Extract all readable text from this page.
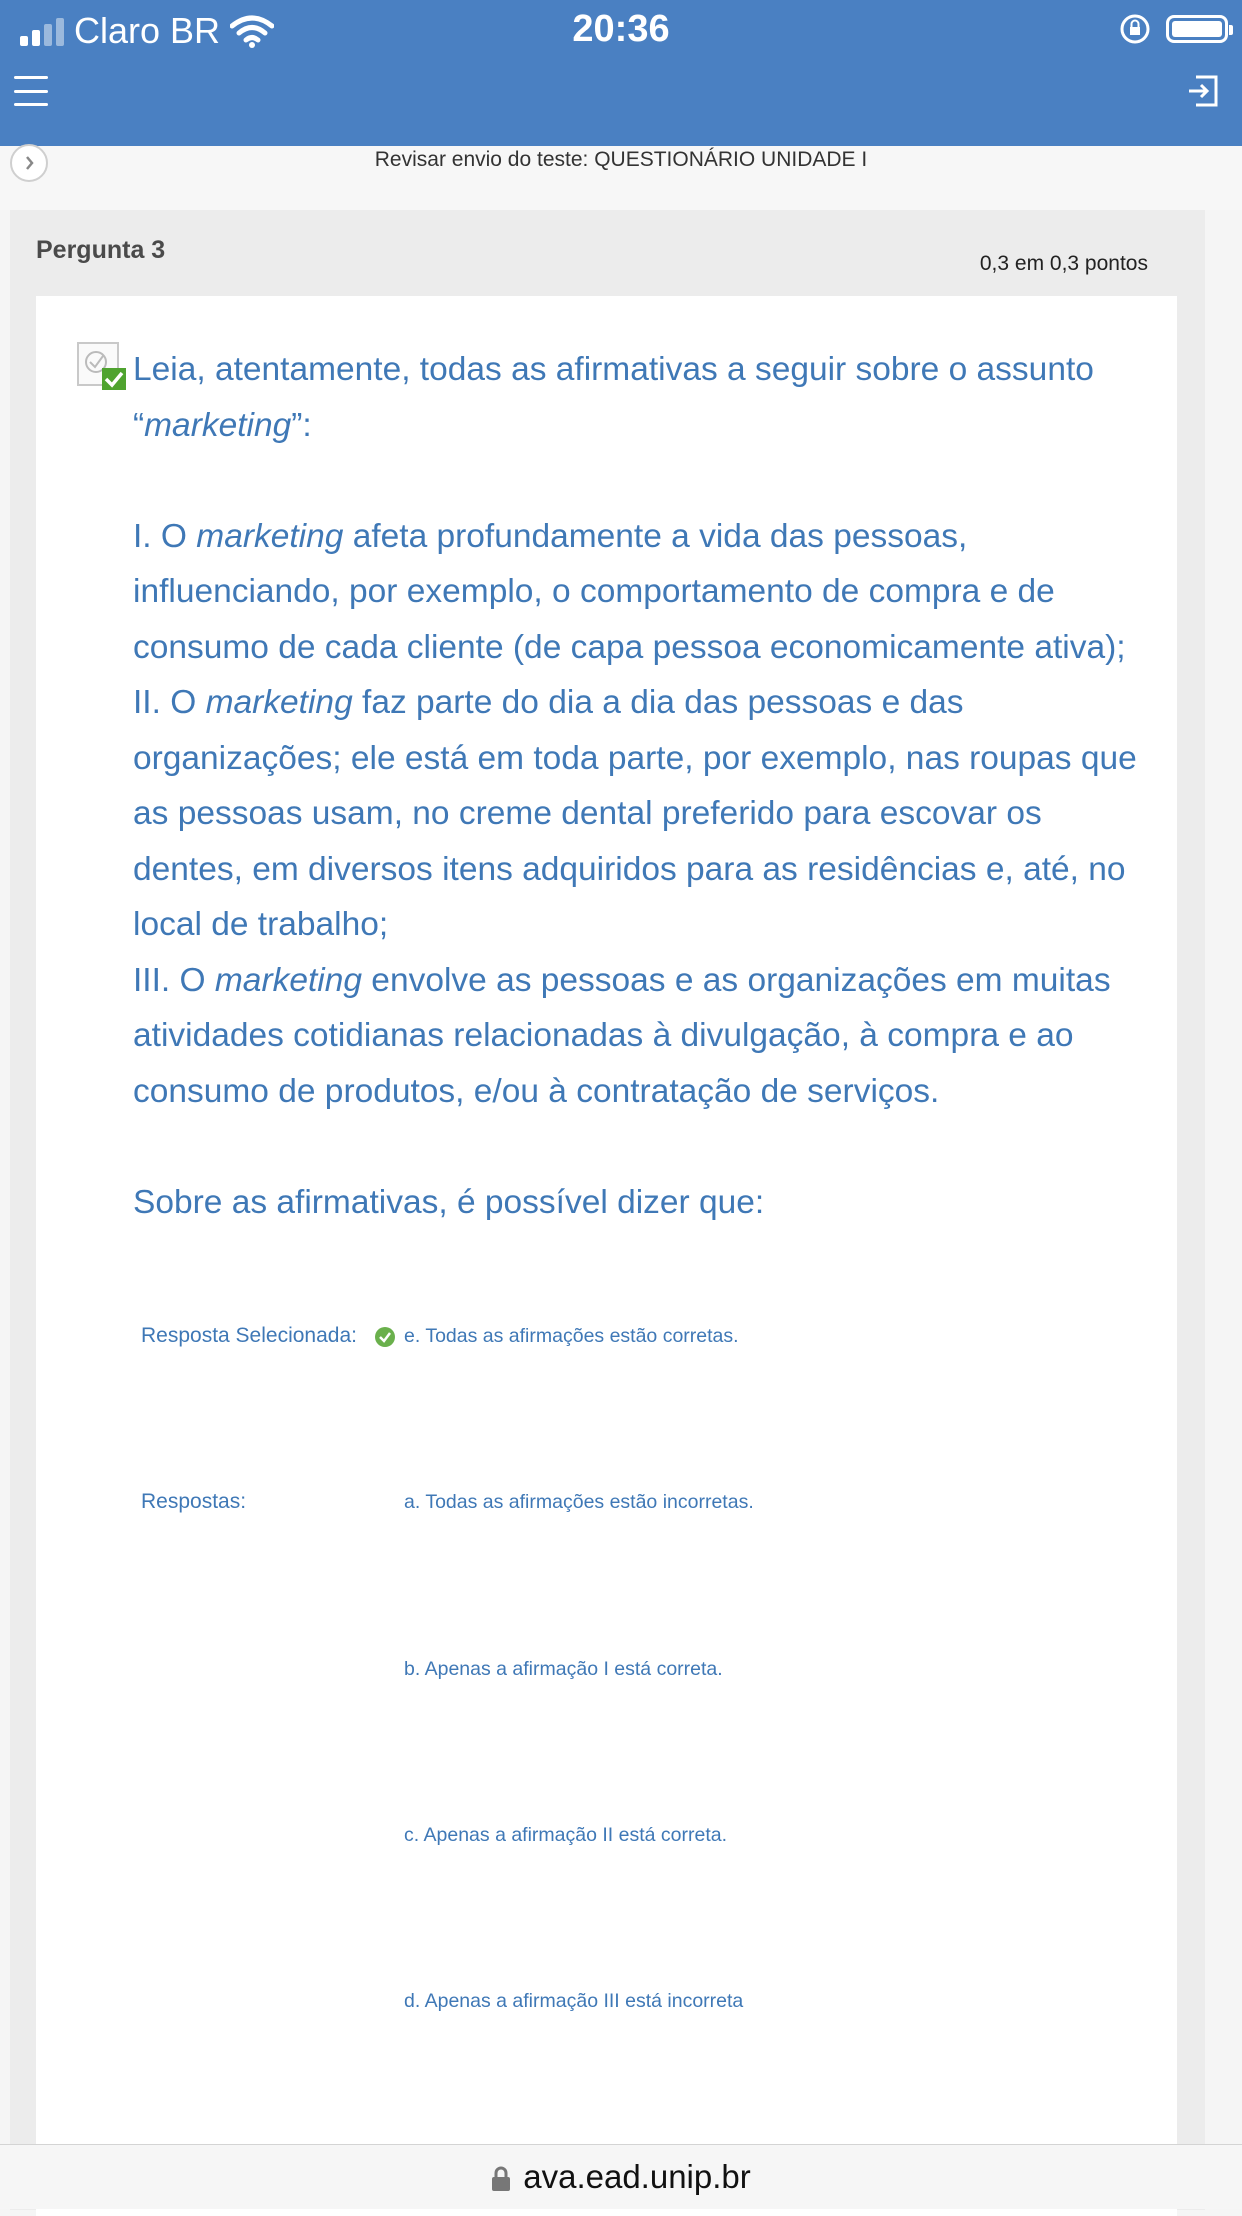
Claro BR	20:36
Revisar envio do teste: QUESTIONÁRIO UNIDADE I
Pergunta 3	0,3 em 0,3 pontos

Leia, atentamente, todas as afirmativas a seguir sobre o assunto “marketing”:

I. O marketing afeta profundamente a vida das pessoas, influenciando, por exemplo, o comportamento de compra e de consumo de cada cliente (de capa pessoa economicamente ativa);

II. O marketing faz parte do dia a dia das pessoas e das organizações; ele está em toda parte, por exemplo, nas roupas que as pessoas usam, no creme dental preferido para escovar os dentes, em diversos itens adquiridos para as residências e, até, no local de trabalho;

III. O marketing envolve as pessoas e as organizações em muitas atividades cotidianas relacionadas à divulgação, à compra e ao consumo de produtos, e/ou à contratação de serviços.

Sobre as afirmativas, é possível dizer que:

Resposta Selecionada: e. Todas as afirmações estão corretas.
Respostas:	a. Todas as afirmações estão incorretas.
b. Apenas a afirmação I está correta.
c. Apenas a afirmação II está correta.
d. Apenas a afirmação III está incorreta
ava.ead.unip.br
